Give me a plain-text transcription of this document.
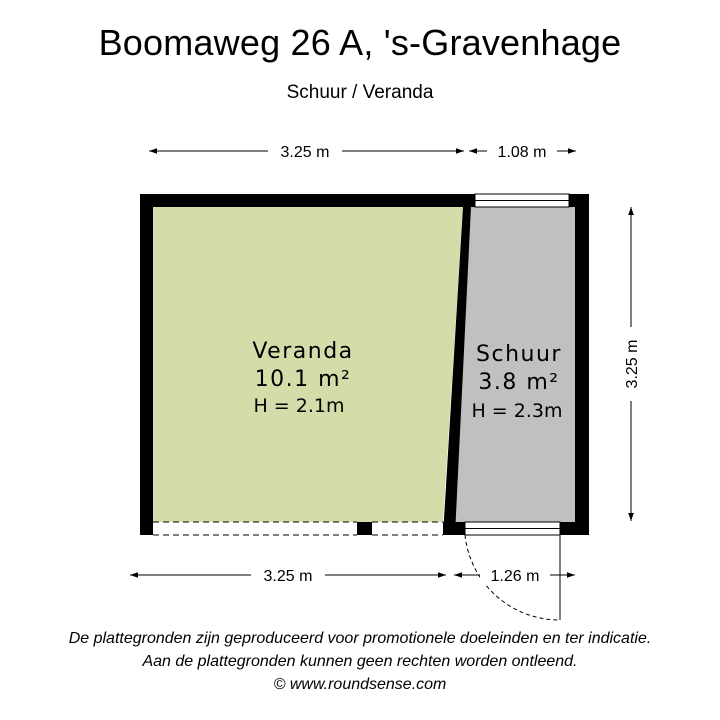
Boomaweg 26 A, 's-Gravenhage
Schuur / Veranda
3.25 m	1.08 m
3.25 m	1.26 m
3.25 m
Veranda
10.1 m²
H = 2.1m
Schuur
3.8 m²
H = 2.3m
De plattegronden zijn geproduceerd voor promotionele doeleinden en ter indicatie.
Aan de plattegronden kunnen geen rechten worden ontleend.
© www.roundsense.com
